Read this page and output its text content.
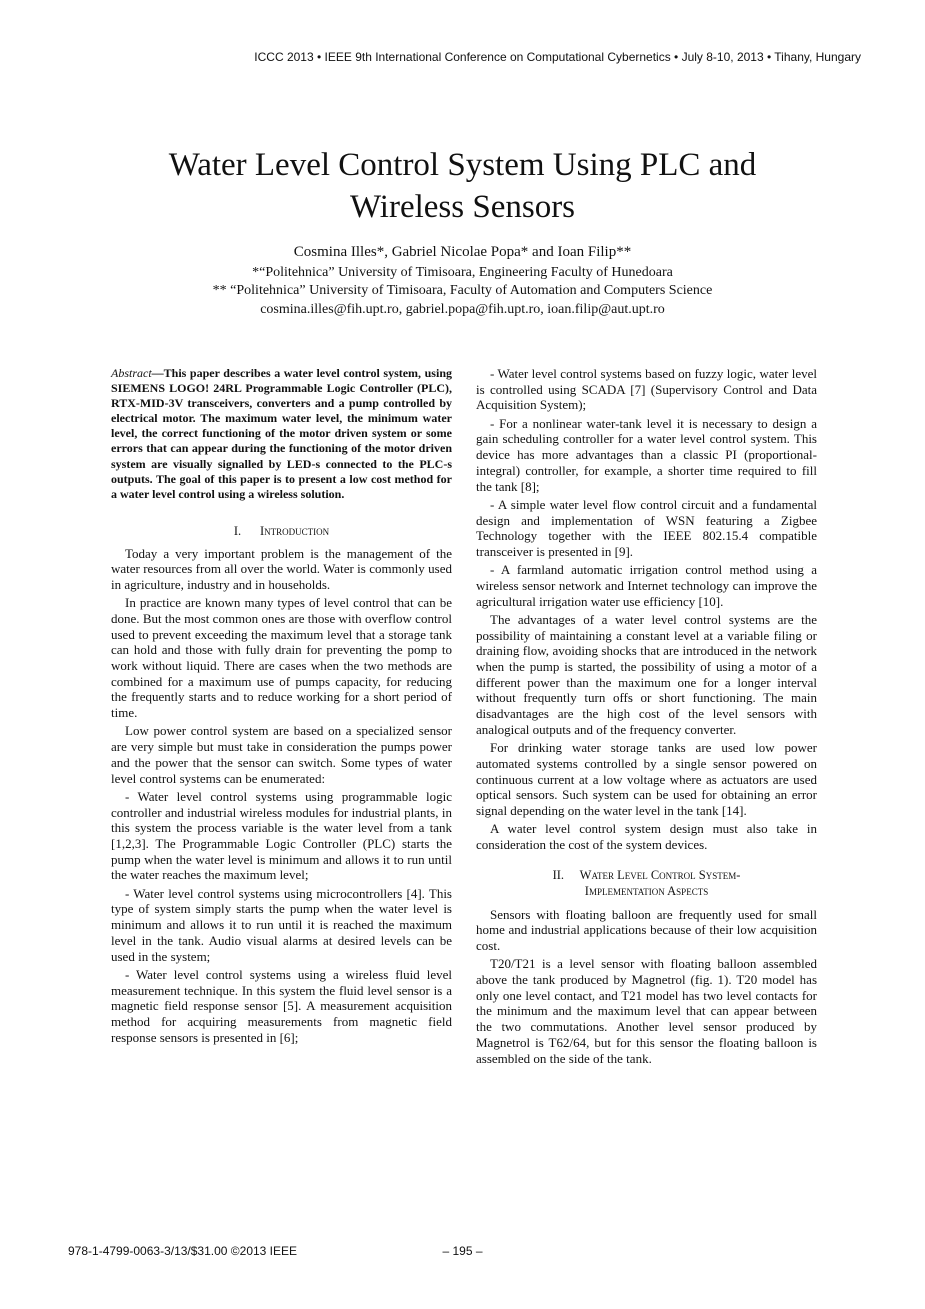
ICCC 2013 • IEEE 9th International Conference on Computational Cybernetics • July 8-10, 2013 • Tihany, Hungary
Water Level Control System Using PLC and
Wireless Sensors
Cosmina Illes*, Gabriel Nicolae Popa* and Ioan Filip**
*“Politehnica” University of Timisoara, Engineering Faculty of Hunedoara
** “Politehnica” University of Timisoara, Faculty of Automation and Computers Science
cosmina.illes@fih.upt.ro, gabriel.popa@fih.upt.ro, ioan.filip@aut.upt.ro

Abstract—This paper describes a water level control system, using SIEMENS LOGO! 24RL Programmable Logic Controller (PLC), RTX-MID-3V transceivers, converters and a pump controlled by electrical motor. The maximum water level, the minimum water level, the correct functioning of the motor driven system or some errors that can appear during the functioning of the motor driven system are visually signalled by LED-s connected to the PLC-s outputs. The goal of this paper is to present a low cost method for a water level control using a wireless solution.

I. Introduction

Today a very important problem is the management of the water resources from all over the world. Water is commonly used in agriculture, industry and in households.

In practice are known many types of level control that can be done. But the most common ones are those with overflow control used to prevent exceeding the maximum level that a storage tank can hold and those with fully drain for preventing the pomp to work without liquid. There are cases when the two methods are combined for a maximum use of pumps capacity, for reducing the frequently starts and to reduce working for a short period of time.

Low power control system are based on a specialized sensor are very simple but must take in consideration the pumps power and the power that the sensor can switch. Some types of water level control systems can be enumerated:

- Water level control systems using programmable logic controller and industrial wireless modules for industrial plants, in this system the process variable is the water level from a tank [1,2,3]. The Programmable Logic Controller (PLC) starts the pump when the water level is minimum and allows it to run until the water reaches the maximum level;

- Water level control systems using microcontrollers [4]. This type of system simply starts the pump when the water level is minimum and allows it to run until it is reached the maximum level in the tank. Audio visual alarms at desired levels can be used in the system;

- Water level control systems using a wireless fluid level measurement technique. In this system the fluid level sensor is a magnetic field response sensor [5]. A measurement acquisition method for acquiring measurements from magnetic field response sensors is presented in [6];

- Water level control systems based on fuzzy logic, water level is controlled using SCADA [7] (Supervisory Control and Data Acquisition System);

- For a nonlinear water-tank level it is necessary to design a gain scheduling controller for a water level control system. This device has more advantages than a classic PI (proportional-integral) controller, for example, a shorter time required to fill the tank [8];

- A simple water level flow control circuit and a fundamental design and implementation of WSN featuring a Zigbee Technology together with the IEEE 802.15.4 compatible transceiver is presented in [9].

- A farmland automatic irrigation control method using a wireless sensor network and Internet technology can improve the agricultural irrigation water use efficiency [10].

The advantages of a water level control systems are the possibility of maintaining a constant level at a variable filing or draining flow, avoiding shocks that are introduced in the network when the pump is started, the possibility of using a motor of a different power than the maximum one for a longer interval without frequently turn offs or short functioning. The main disadvantages are the high cost of the level sensors with analogical outputs and of the frequency converter.

For drinking water storage tanks are used low power automated systems controlled by a single sensor powered on continuous current at a low voltage where as actuators are used optical sensors. Such system can be used for obtaining an error signal depending on the water level in the tank [14].

A water level control system design must also take in consideration the cost of the system devices.

II. Water Level Control System-
Implementation Aspects

Sensors with floating balloon are frequently used for small home and industrial applications because of their low acquisition cost.

T20/T21 is a level sensor with floating balloon assembled above the tank produced by Magnetrol (fig. 1). T20 model has only one level contact, and T21 model has two level contacts for the minimum and the maximum level that can appear between the two commutations. Another level sensor produced by Magnetrol is T62/64, but for this sensor the floating balloon is assembled on the side of the tank.

978-1-4799-0063-3/13/$31.00 ©2013 IEEE	– 195 –
